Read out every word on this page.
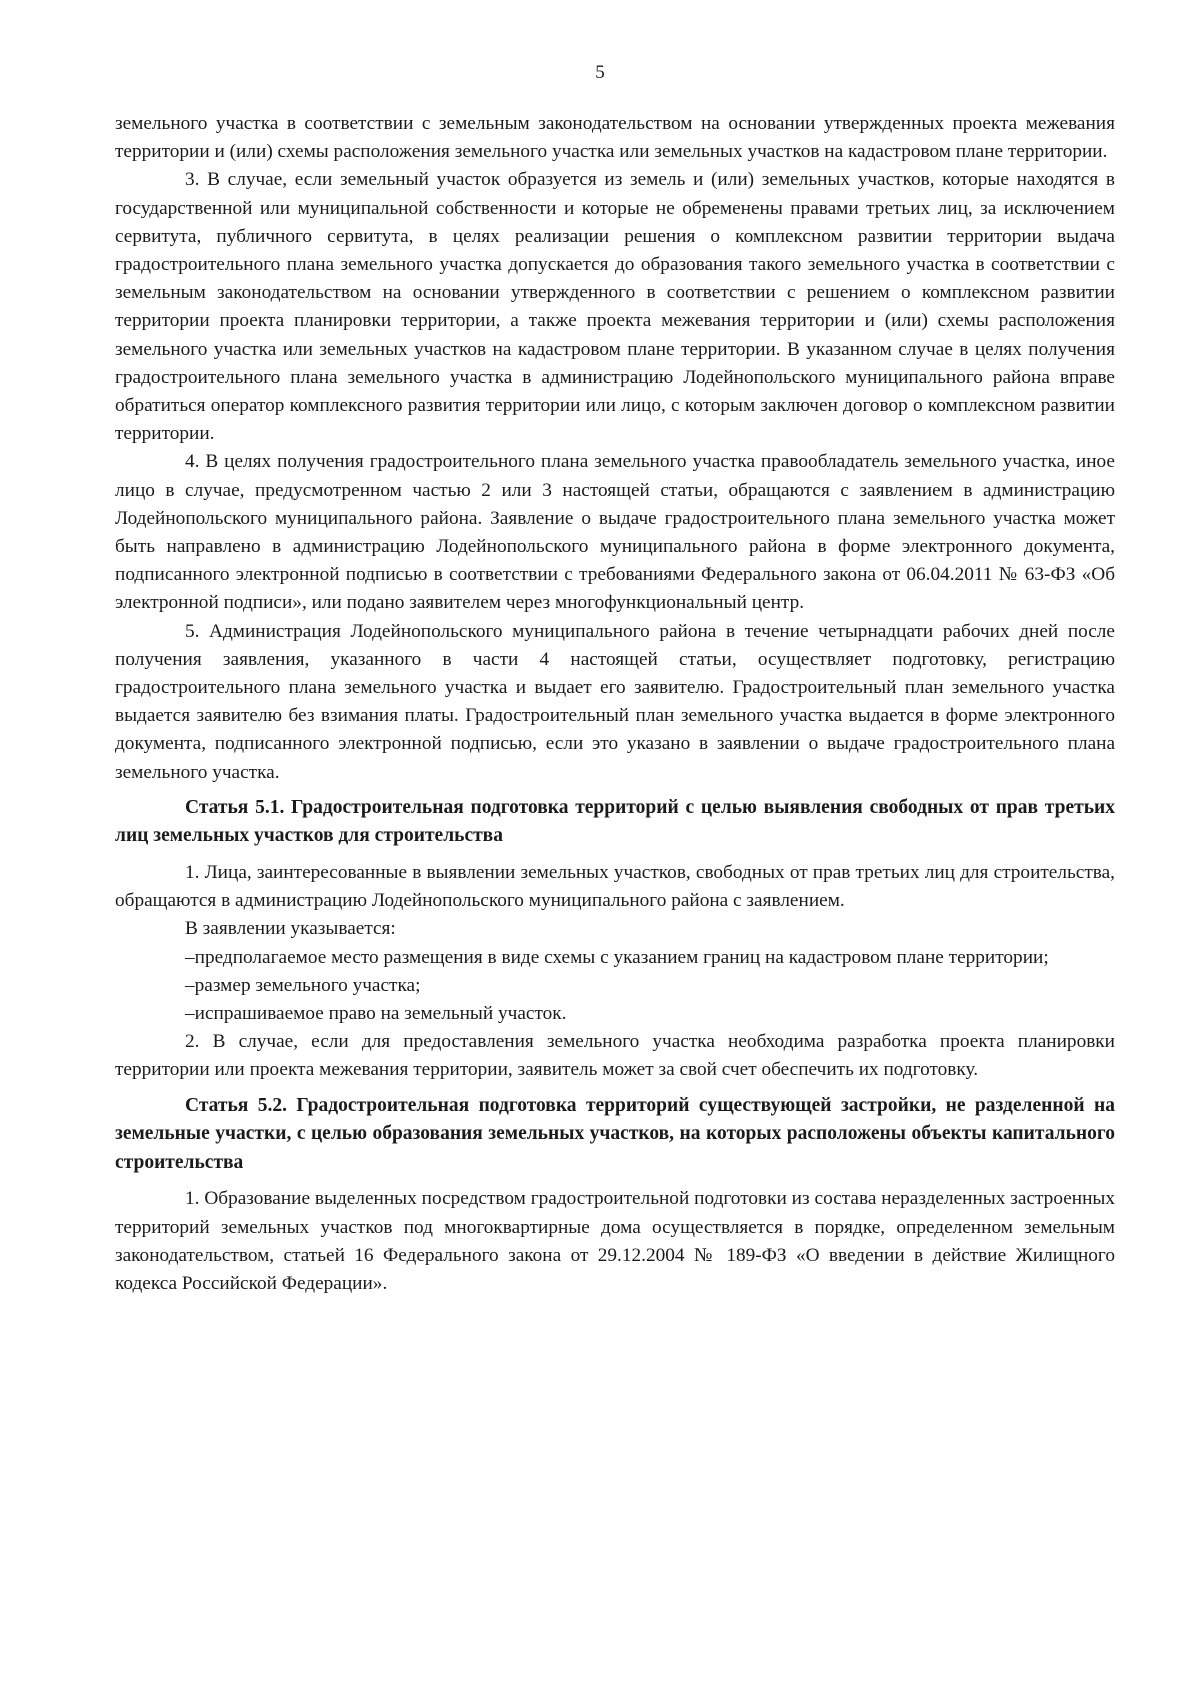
5

земельного участка в соответствии с земельным законодательством на основании утвержденных проекта межевания территории и (или) схемы расположения земельного участка или земельных участков на кадастровом плане территории.

3. В случае, если земельный участок образуется из земель и (или) земельных участков, которые находятся в государственной или муниципальной собственности и которые не обременены правами третьих лиц, за исключением сервитута, публичного сервитута, в целях реализации решения о комплексном развитии территории выдача градостроительного плана земельного участка допускается до образования такого земельного участка в соответствии с земельным законодательством на основании утвержденного в соответствии с решением о комплексном развитии территории проекта планировки территории, а также проекта межевания территории и (или) схемы расположения земельного участка или земельных участков на кадастровом плане территории. В указанном случае в целях получения градостроительного плана земельного участка в администрацию Лодейнопольского муниципального района вправе обратиться оператор комплексного развития территории или лицо, с которым заключен договор о комплексном развитии территории.

4. В целях получения градостроительного плана земельного участка правообладатель земельного участка, иное лицо в случае, предусмотренном частью 2 или 3 настоящей статьи, обращаются с заявлением в администрацию Лодейнопольского муниципального района. Заявление о выдаче градостроительного плана земельного участка может быть направлено в администрацию Лодейнопольского муниципального района в форме электронного документа, подписанного электронной подписью в соответствии с требованиями Федерального закона от 06.04.2011 № 63-ФЗ «Об электронной подписи», или подано заявителем через многофункциональный центр.

5. Администрация Лодейнопольского муниципального района в течение четырнадцати рабочих дней после получения заявления, указанного в части 4 настоящей статьи, осуществляет подготовку, регистрацию градостроительного плана земельного участка и выдает его заявителю. Градостроительный план земельного участка выдается заявителю без взимания платы. Градостроительный план земельного участка выдается в форме электронного документа, подписанного электронной подписью, если это указано в заявлении о выдаче градостроительного плана земельного участка.

Статья 5.1. Градостроительная подготовка территорий с целью выявления свободных от прав третьих лиц земельных участков для строительства

1. Лица, заинтересованные в выявлении земельных участков, свободных от прав третьих лиц для строительства, обращаются в администрацию Лодейнопольского муниципального района с заявлением.

В заявлении указывается:

–предполагаемое место размещения в виде схемы с указанием границ на кадастровом плане территории;

–размер земельного участка;

–испрашиваемое право на земельный участок.

2. В случае, если для предоставления земельного участка необходима разработка проекта планировки территории или проекта межевания территории, заявитель может за свой счет обеспечить их подготовку.

Статья 5.2. Градостроительная подготовка территорий существующей застройки, не разделенной на земельные участки, с целью образования земельных участков, на которых расположены объекты капитального строительства

1. Образование выделенных посредством градостроительной подготовки из состава неразделенных застроенных территорий земельных участков под многоквартирные дома осуществляется в порядке, определенном земельным законодательством, статьей 16 Федерального закона от 29.12.2004 № 189-ФЗ «О введении в действие Жилищного кодекса Российской Федерации».
